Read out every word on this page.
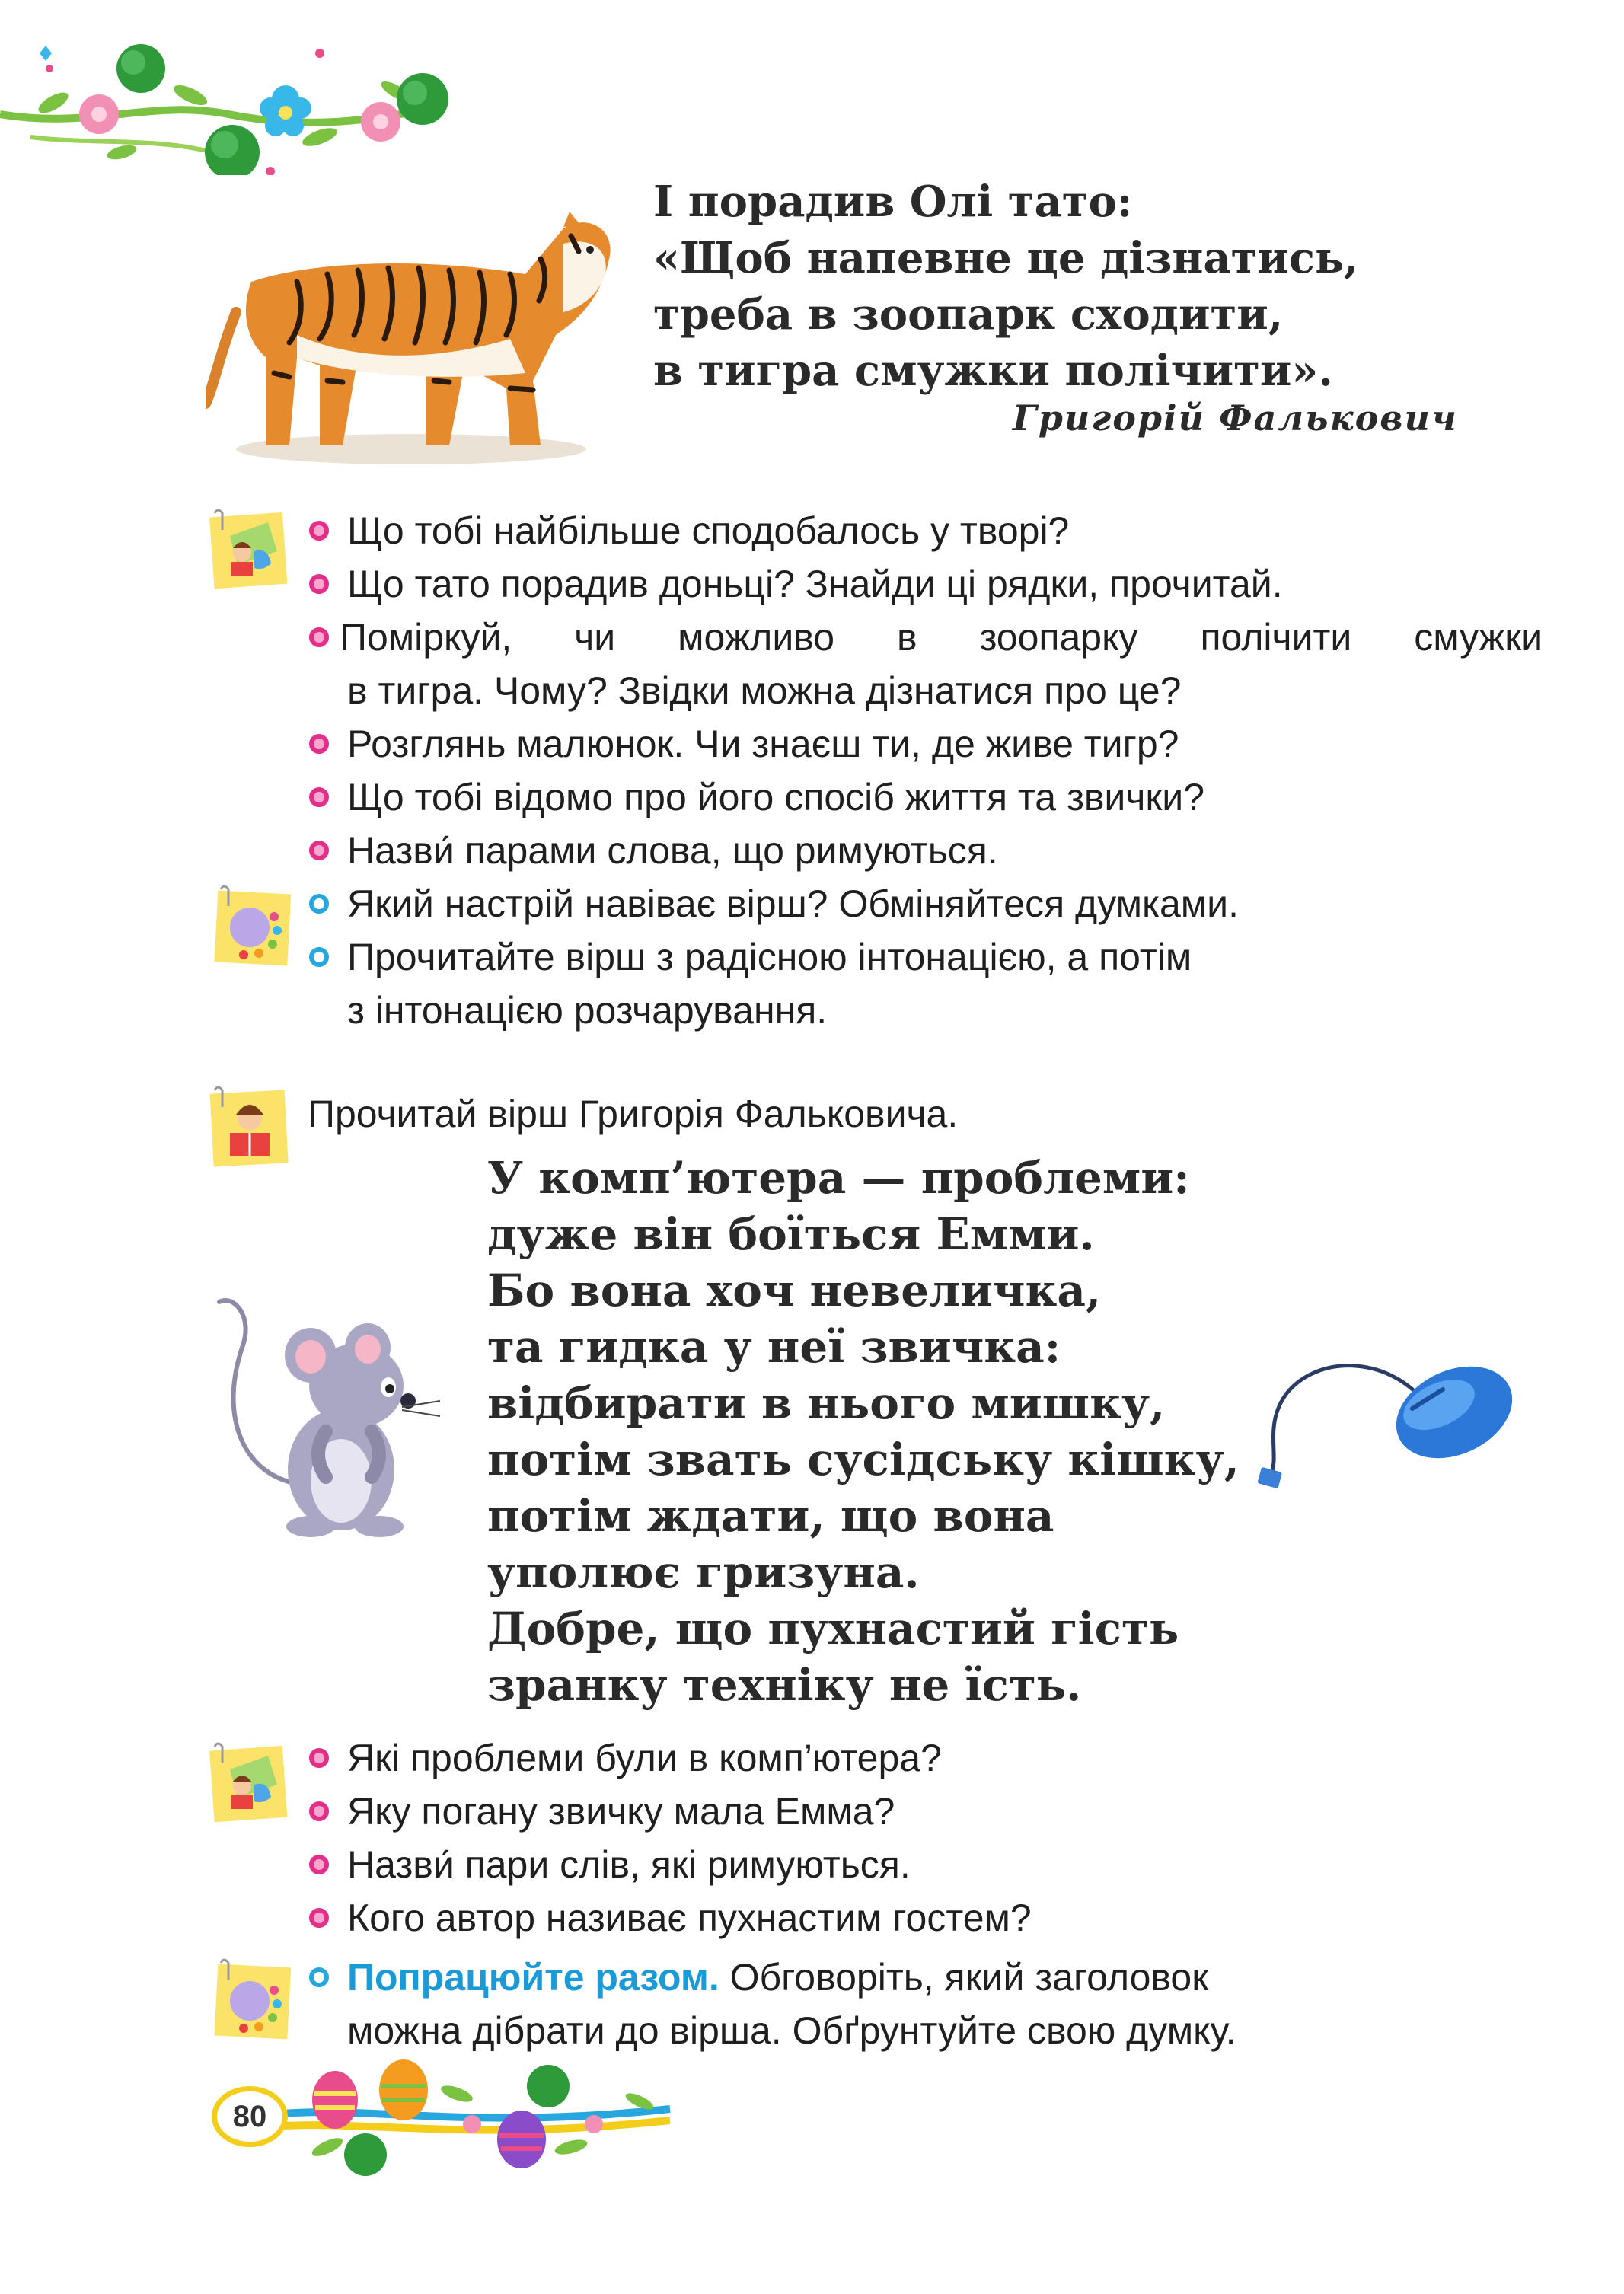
І порадив Олі тато:
«Щоб напевне це дізнатись,
треба в зоопарк сходити,
в тигра смужки полічити».
Григорій Фалькович
Що тобі найбільше сподобалось у творі?
Що тато порадив доньці? Знайди ці рядки, прочитай.
Поміркуй, чи можливо в зоопарку полічити смужки
в тигра. Чому? Звідки можна дізнатися про це?
Розглянь малюнок. Чи знаєш ти, де живе тигр?
Що тобі відомо про його спосіб життя та звички?
Назви́ парами слова, що римуються.
Який настрій навіває вірш? Обміняйтеся думками.
Прочитайте вірш з радісною інтонацією, а потім
з інтонацією розчарування.
Прочитай вірш Григорія Фальковича.
У комп’ютера — проблеми:
дуже він боїться Емми.
Бо вона хоч невеличка,
та гидка у неї звичка:
відбирати в нього мишку,
потім звать сусідську кішку,
потім ждати, що вона
уполює гризуна.
Добре, що пухнастий гість
зранку техніку не їсть.
Які проблеми були в комп’ютера?
Яку погану звичку мала Емма?
Назви́ пари слів, які римуються.
Кого автор називає пухнастим гостем?
Попрацюйте разом. Обговоріть, який заголовок
можна дібрати до вірша. Обґрунтуйте свою думку.
80
